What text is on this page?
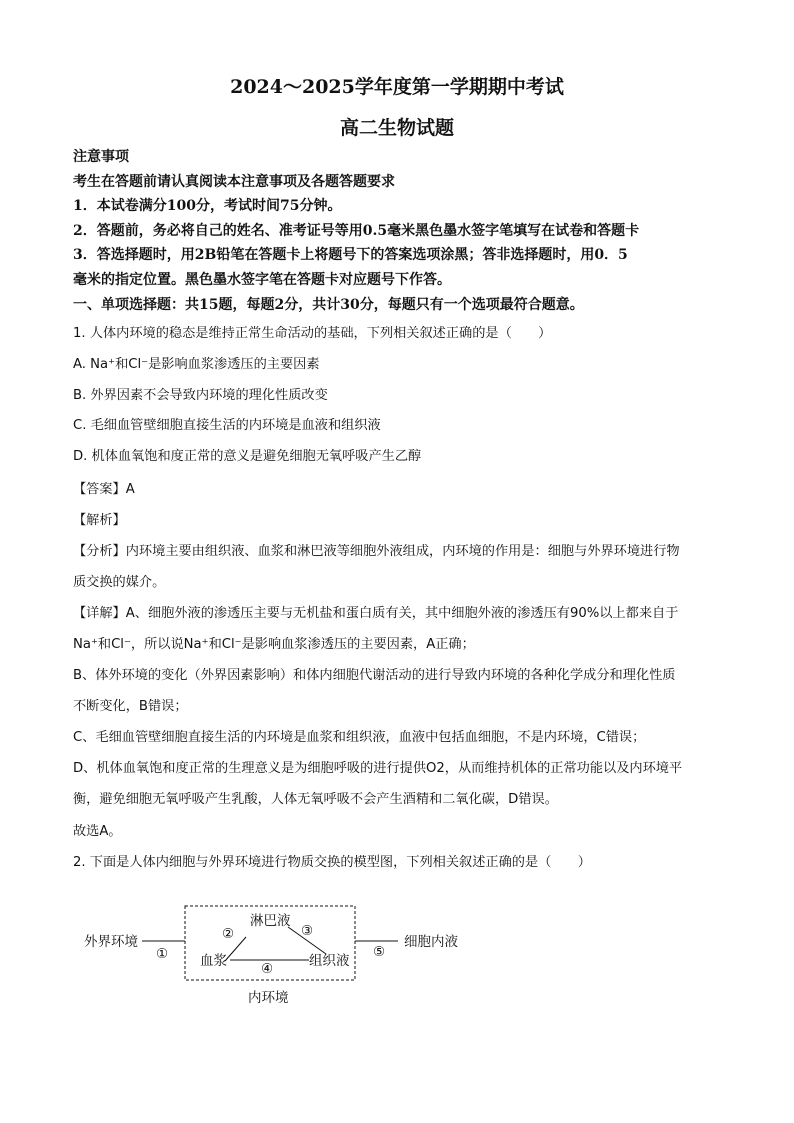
2024～2025学年度第一学期期中考试
高二生物试题
注意事项
考生在答题前请认真阅读本注意事项及各题答题要求
1．本试卷满分100分，考试时间75分钟。
2．答题前，务必将自己的姓名、准考证号等用0.5毫米黑色墨水签字笔填写在试卷和答题卡
3．答选择题时，用2B铅笔在答题卡上将题号下的答案选项涂黑；答非选择题时，用0．5
毫米的指定位置。黑色墨水签字笔在答题卡对应题号下作答。
一、单项选择题：共15题，每题2分，共计30分，每题只有一个选项最符合题意。
1. 人体内环境的稳态是维持正常生命活动的基础，下列相关叙述正确的是（　　）
A. Na⁺和Cl⁻是影响血浆渗透压的主要因素
B. 外界因素不会导致内环境的理化性质改变
C. 毛细血管壁细胞直接生活的内环境是血液和组织液
D. 机体血氧饱和度正常的意义是避免细胞无氧呼吸产生乙醇
【答案】A
【解析】
【分析】内环境主要由组织液、血浆和淋巴液等细胞外液组成，内环境的作用是：细胞与外界环境进行物
质交换的媒介。
【详解】A、细胞外液的渗透压主要与无机盐和蛋白质有关，其中细胞外液的渗透压有90%以上都来自于
Na⁺和Cl⁻，所以说Na⁺和Cl⁻是影响血浆渗透压的主要因素，A正确；
B、体外环境的变化（外界因素影响）和体内细胞代谢活动的进行导致内环境的各种化学成分和理化性质
不断变化，B错误；
C、毛细血管壁细胞直接生活的内环境是血浆和组织液，血液中包括血细胞，不是内环境，C错误；
D、机体血氧饱和度正常的生理意义是为细胞呼吸的进行提供O2，从而维持机体的正常功能以及内环境平
衡，避免细胞无氧呼吸产生乳酸，人体无氧呼吸不会产生酒精和二氧化碳，D错误。
故选A。
2. 下面是人体内细胞与外界环境进行物质交换的模型图，下列相关叙述正确的是（　　）
外界环境
①
②
淋巴液
③
血浆	④	组织液
⑤
细胞内液
内环境
